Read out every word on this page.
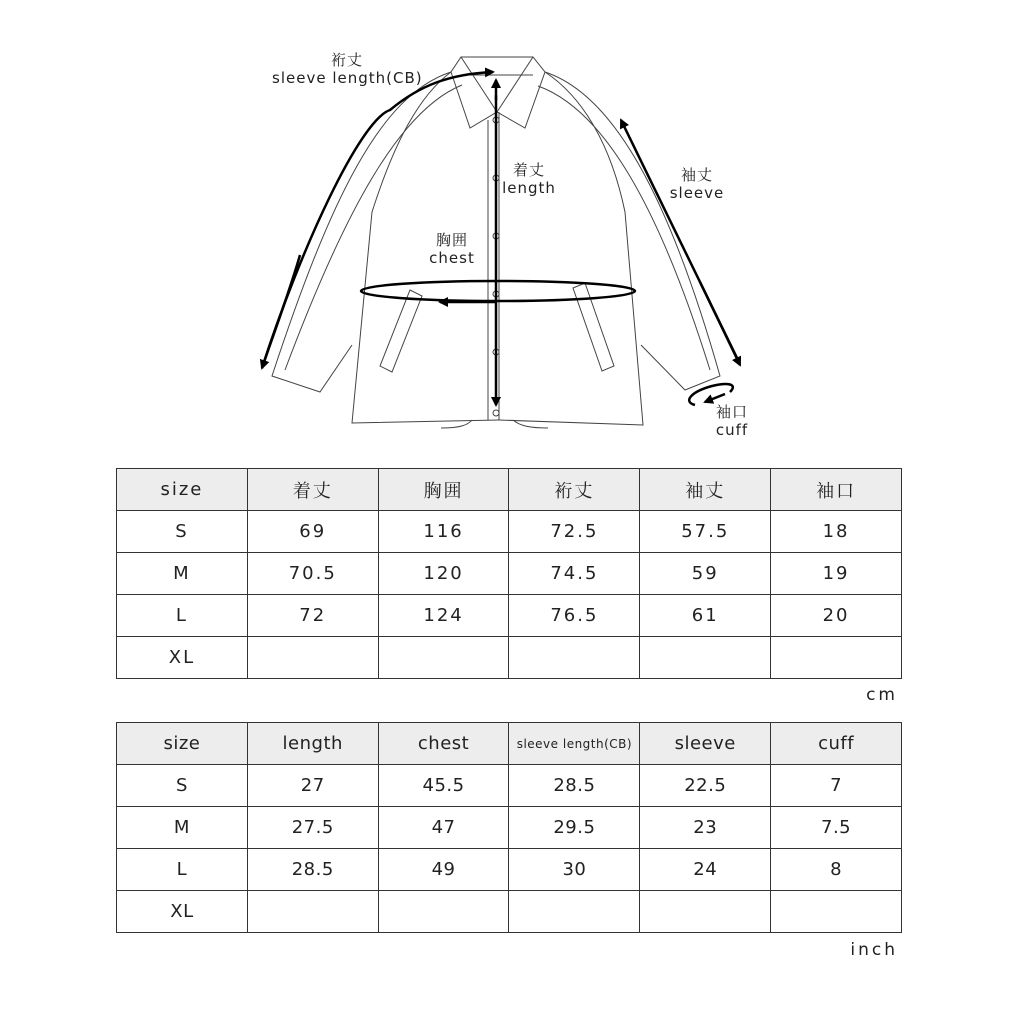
裄丈
sleeve length(CB)
着丈
length
袖丈
sleeve
胸囲
chest
袖口
cuff
size	着丈	胸囲	裄丈	袖丈	袖口
S	69	116	72.5	57.5	18
M	70.5	120	74.5	59	19
L	72	124	76.5	61	20
XL					
cm
size	length	chest	sleeve length(CB)	sleeve	cuff
S	27	45.5	28.5	22.5	7
M	27.5	47	29.5	23	7.5
L	28.5	49	30	24	8
XL					
inch
